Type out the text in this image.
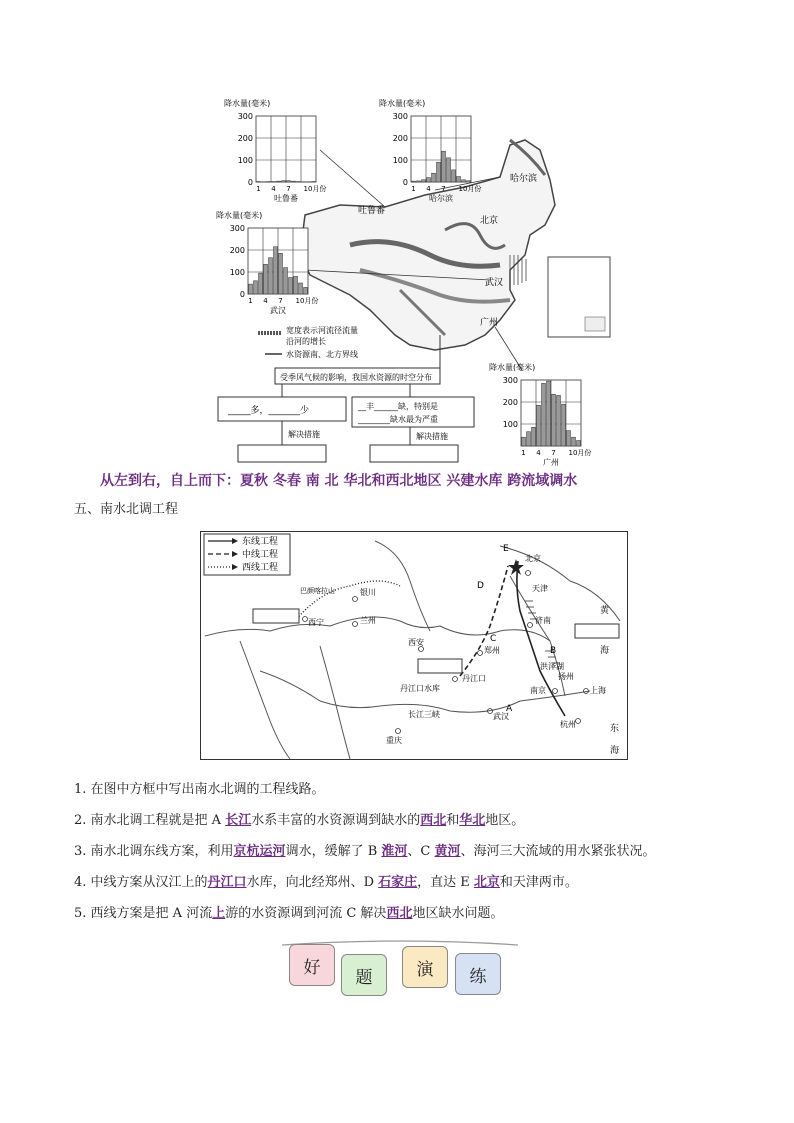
吐鲁番
哈尔滨
北京
武汉
广州
宽度表示河流径流量
沿河的增长
水资源南、北方界线
受季风气候的影响，我国水资源的时空分布
_____多，_______少	__丰______缺，特别是
________缺水最为严重
解决措施	解决措施
降水量(毫米)
300
200
100
0
1 4 7 10月份
吐鲁番
降水量(毫米)
300
200
100
0
1 4 7 10月份
哈尔滨
降水量(毫米)
300
200
100
0
1 4 7 10月份
武汉
降水量(毫米)
300
200
100
1 4 7 10月份
广州
从左到右，自上而下：夏秋 冬春 南 北 华北和西北地区 兴建水库 跨流域调水
五、南水北调工程
东线工程
中线工程
西线工程
银川
兰州
西宁
西安
郑州
济南
天津
北京
丹江口
丹江口水库
长江三峡	武汉
重庆
南京
扬州
上海
杭州
洪泽湖
巴颜喀拉山
E
D
B
A
C
黄
海
东
海
1. 在图中方框中写出南水北调的工程线路。
2. 南水北调工程就是把 A 长江水系丰富的水资源调到缺水的西北和华北地区。
3. 南水北调东线方案，利用京杭运河调水，缓解了 B 淮河、C 黄河、海河三大流域的用水紧张状况。
4. 中线方案从汉江上的丹江口水库，向北经郑州、D 石家庄，直达 E 北京和天津两市。
5. 西线方案是把 A 河流上游的水资源调到河流 C 解决西北地区缺水问题。
好	题	演	练
